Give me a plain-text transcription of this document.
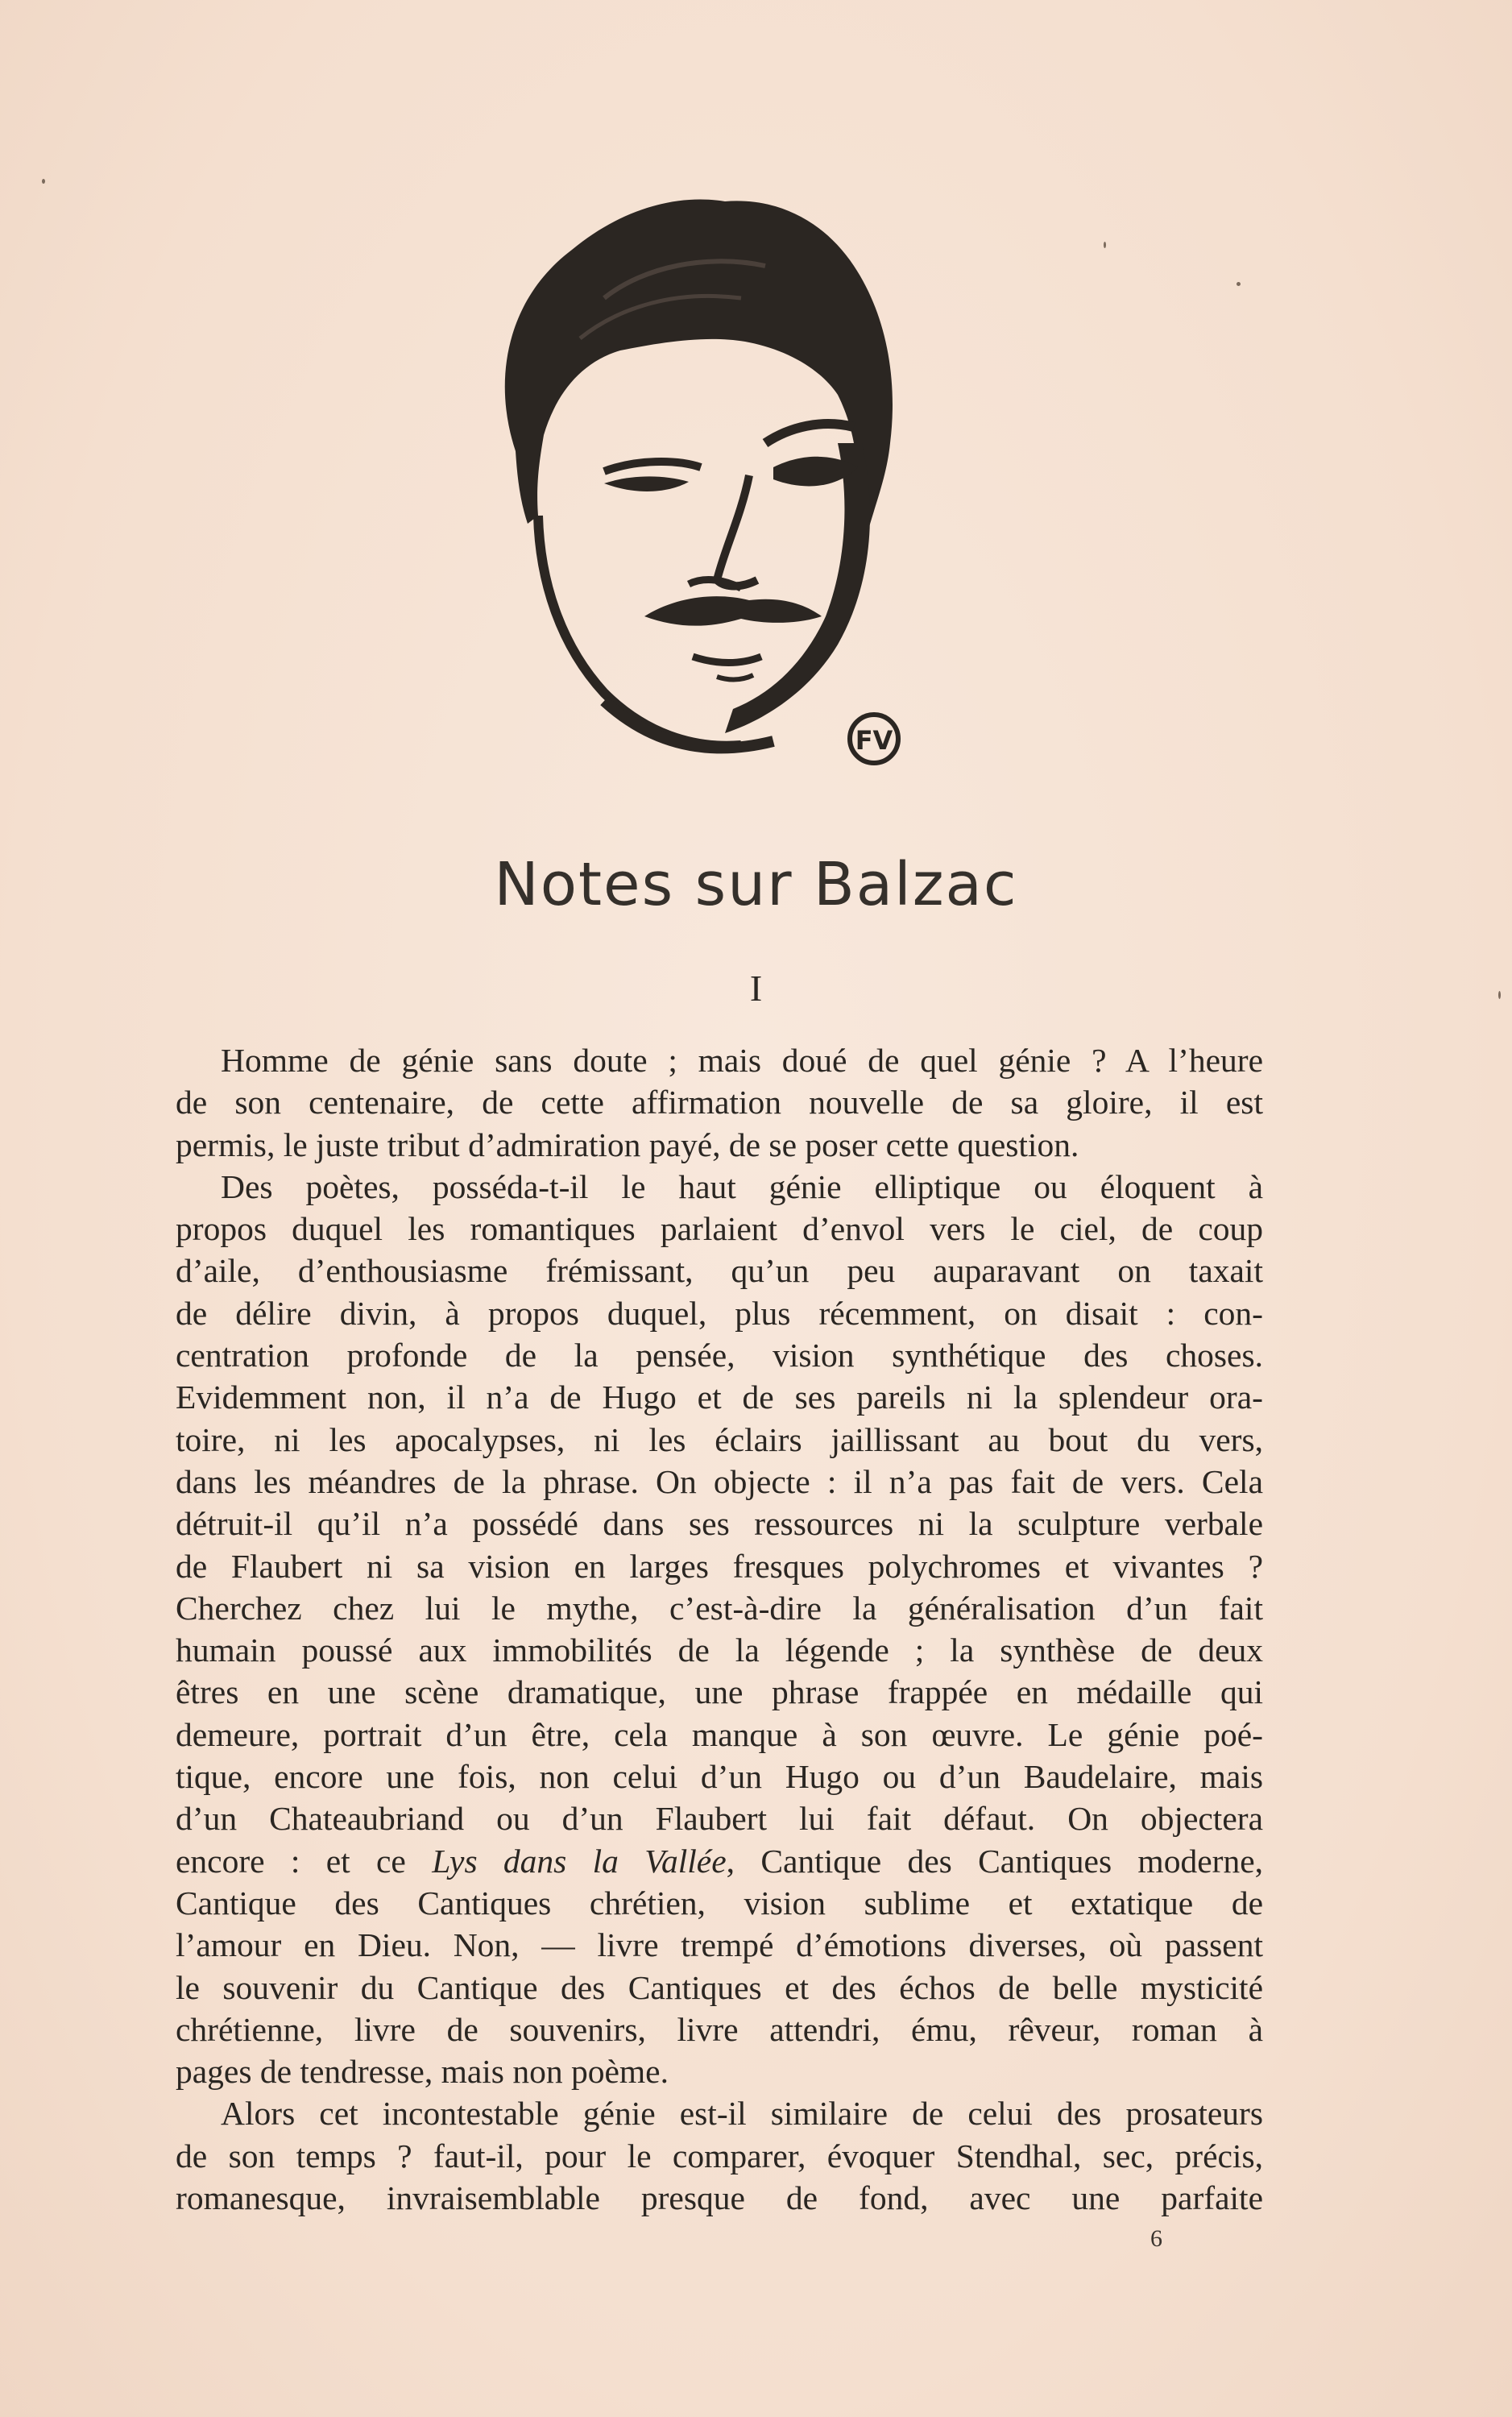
FV
Notes sur Balzac
I
Homme de génie sans doute ; mais doué de quel génie ? A l’heure
de son centenaire, de cette affirmation nouvelle de sa gloire, il est
permis, le juste tribut d’admiration payé, de se poser cette question.
Des poètes, posséda-t-il le haut génie elliptique ou éloquent à
propos duquel les romantiques parlaient d’envol vers le ciel, de coup
d’aile, d’enthousiasme frémissant, qu’un peu auparavant on taxait
de délire divin, à propos duquel, plus récemment, on disait : con-
centration profonde de la pensée, vision synthétique des choses.
Evidemment non, il n’a de Hugo et de ses pareils ni la splendeur ora-
toire, ni les apocalypses, ni les éclairs jaillissant au bout du vers,
dans les méandres de la phrase. On objecte : il n’a pas fait de vers. Cela
détruit-il qu’il n’a possédé dans ses ressources ni la sculpture verbale
de Flaubert ni sa vision en larges fresques polychromes et vivantes ?
Cherchez chez lui le mythe, c’est-à-dire la généralisation d’un fait
humain poussé aux immobilités de la légende ; la synthèse de deux
êtres en une scène dramatique, une phrase frappée en médaille qui
demeure, portrait d’un être, cela manque à son œuvre. Le génie poé-
tique, encore une fois, non celui d’un Hugo ou d’un Baudelaire, mais
d’un Chateaubriand ou d’un Flaubert lui fait défaut. On objectera
encore : et ce Lys dans la Vallée, Cantique des Cantiques moderne,
Cantique des Cantiques chrétien, vision sublime et extatique de
l’amour en Dieu. Non, — livre trempé d’émotions diverses, où passent
le souvenir du Cantique des Cantiques et des échos de belle mysticité
chrétienne, livre de souvenirs, livre attendri, ému, rêveur, roman à
pages de tendresse, mais non poème.
Alors cet incontestable génie est-il similaire de celui des prosateurs
de son temps ? faut-il, pour le comparer, évoquer Stendhal, sec, précis,
romanesque, invraisemblable presque de fond, avec une parfaite
6
